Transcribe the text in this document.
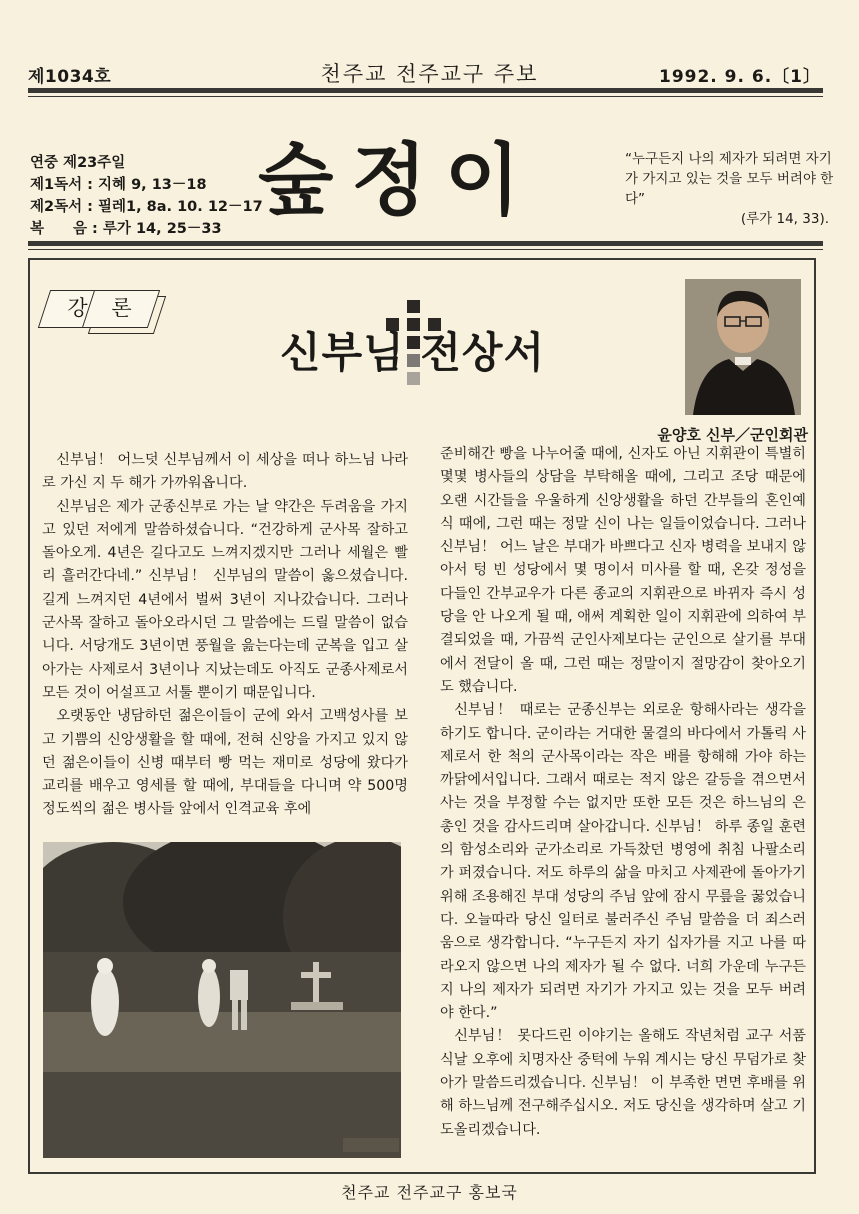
제1034호	천주교 전주교구 주보	1992. 9. 6.〔1〕
연중 제23주일
제1독서 : 지혜 9, 13－18
제2독서 : 필레1, 8a. 10. 12－17
복　　음 : 루가 14, 25－33
숲정이	“누구든지 나의 제자가 되려면 자기가 가지고 있는 것을 모두 버려야 한다”
(루가 14, 33).
강	론
신부님 전상서
윤양호 신부／군인회관

신부님！ 어느덧 신부님께서 이 세상을 떠나 하느님 나라로 가신 지 두 해가 가까워옵니다.

신부님은 제가 군종신부로 가는 날 약간은 두려움을 가지고 있던 저에게 말씀하셨습니다. “건강하게 군사목 잘하고 돌아오게. 4년은 길다고도 느껴지겠지만 그러나 세월은 빨리 흘러간다네.” 신부님！ 신부님의 말씀이 옳으셨습니다. 길게 느껴지던 4년에서 벌써 3년이 지나갔습니다. 그러나 군사목 잘하고 돌아오라시던 그 말씀에는 드릴 말씀이 없습니다. 서당개도 3년이면 풍월을 읊는다는데 군복을 입고 살아가는 사제로서 3년이나 지났는데도 아직도 군종사제로서 모든 것이 어설프고 서툴 뿐이기 때문입니다.

오랫동안 냉담하던 젊은이들이 군에 와서 고백성사를 보고 기쁨의 신앙생활을 할 때에, 전혀 신앙을 가지고 있지 않던 젊은이들이 신병 때부터 빵 먹는 재미로 성당에 왔다가 교리를 배우고 영세를 할 때에, 부대들을 다니며 약 500명 정도씩의 젊은 병사들 앞에서 인격교육 후에

준비해간 빵을 나누어줄 때에, 신자도 아닌 지휘관이 특별히 몇몇 병사들의 상담을 부탁해올 때에, 그리고 조당 때문에 오랜 시간들을 우울하게 신앙생활을 하던 간부들의 혼인예식 때에, 그런 때는 정말 신이 나는 일들이었습니다. 그러나 신부님！ 어느 날은 부대가 바쁘다고 신자 병력을 보내지 않아서 텅 빈 성당에서 몇 명이서 미사를 할 때, 온갖 정성을 다들인 간부교우가 다른 종교의 지휘관으로 바뀌자 즉시 성당을 안 나오게 될 때, 애써 계획한 일이 지휘관에 의하여 부결되었을 때, 가끔씩 군인사제보다는 군인으로 살기를 부대에서 전달이 올 때, 그런 때는 정말이지 절망감이 찾아오기도 했습니다.

신부님！ 때로는 군종신부는 외로운 항해사라는 생각을 하기도 합니다. 군이라는 거대한 물결의 바다에서 가톨릭 사제로서 한 척의 군사목이라는 작은 배를 항해해 가야 하는 까닭에서입니다. 그래서 때로는 적지 않은 갈등을 겪으면서 사는 것을 부정할 수는 없지만 또한 모든 것은 하느님의 은총인 것을 감사드리며 살아갑니다. 신부님！ 하루 종일 훈련의 함성소리와 군가소리로 가득찼던 병영에 취침 나팔소리가 퍼졌습니다. 저도 하루의 삶을 마치고 사제관에 돌아가기 위해 조용해진 부대 성당의 주님 앞에 잠시 무릎을 꿇었습니다. 오늘따라 당신 일터로 불러주신 주님 말씀을 더 죄스러움으로 생각합니다. “누구든지 자기 십자가를 지고 나를 따라오지 않으면 나의 제자가 될 수 없다. 너희 가운데 누구든지 나의 제자가 되려면 자기가 가지고 있는 것을 모두 버려야 한다.”

신부님！ 못다드린 이야기는 올해도 작년처럼 교구 서품식날 오후에 치명자산 중턱에 누워 계시는 당신 무덤가로 찾아가 말씀드리겠습니다. 신부님！ 이 부족한 면면 후배를 위해 하느님께 전구해주십시오. 저도 당신을 생각하며 살고 기도올리겠습니다.

천주교 전주교구 홍보국
